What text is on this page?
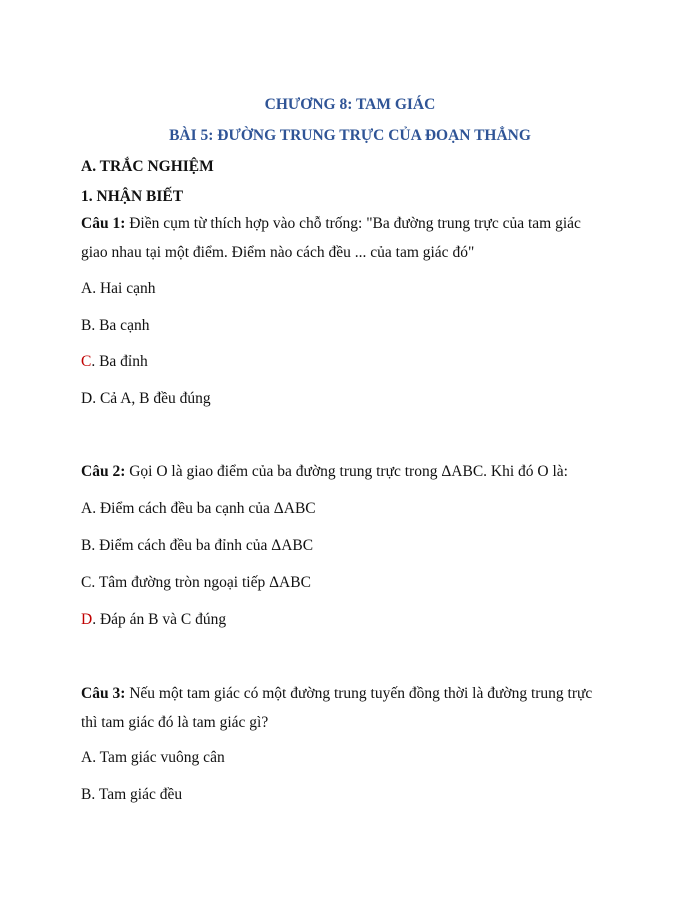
CHƯƠNG 8: TAM GIÁC
BÀI 5: ĐƯỜNG TRUNG TRỰC CỦA ĐOẠN THẲNG
A. TRẮC NGHIỆM
1. NHẬN BIẾT
Câu 1: Điền cụm từ thích hợp vào chỗ trống: "Ba đường trung trực của tam giác
giao nhau tại một điểm. Điểm nào cách đều ... của tam giác đó"
A. Hai cạnh
B. Ba cạnh
C. Ba đỉnh
D. Cả A, B đều đúng
Câu 2: Gọi O là giao điểm của ba đường trung trực trong ΔABC. Khi đó O là:
A. Điểm cách đều ba cạnh của ΔABC
B. Điểm cách đều ba đỉnh của ΔABC
C. Tâm đường tròn ngoại tiếp ΔABC
D. Đáp án B và C đúng
Câu 3: Nếu một tam giác có một đường trung tuyến đồng thời là đường trung trực
thì tam giác đó là tam giác gì?
A. Tam giác vuông cân
B. Tam giác đều
